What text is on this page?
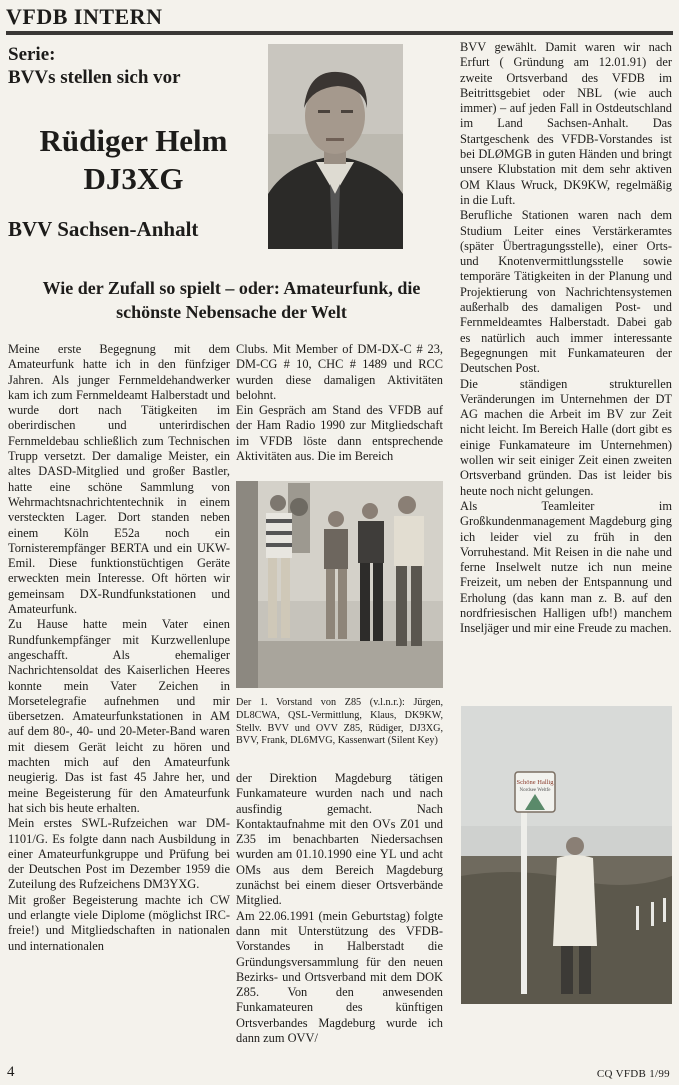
VFDB INTERN
Serie:
BVVs stellen sich vor
Rüdiger Helm
DJ3XG
BVV Sachsen-Anhalt
Wie der Zufall so spielt – oder: Amateurfunk, die schönste Nebensache der Welt

Meine erste Begegnung mit dem Amateurfunk hatte ich in den fünfziger Jahren. Als junger Fernmeldehandwerker kam ich zum Fernmeldeamt Halberstadt und wurde dort nach Tätigkeiten im oberirdischen und unterirdischen Fernmeldebau schließlich zum Technischen Trupp versetzt. Der damalige Meister, ein altes DASD-Mitglied und großer Bastler, hatte eine schöne Sammlung von Wehrmachtsnachrichtentechnik in einem versteckten Lager. Dort standen neben einem Köln E52a noch ein Tornisterempfänger BERTA und ein UKW-Emil. Diese funktionstüchtigen Geräte erweckten mein Interesse. Oft hörten wir gemeinsam DX-Rundfunkstationen und Amateurfunk.

Zu Hause hatte mein Vater einen Rundfunkempfänger mit Kurzwellenlupe angeschafft. Als ehemaliger Nachrichtensoldat des Kaiserlichen Heeres konnte mein Vater Zeichen in Morsetelegrafie aufnehmen und mir übersetzen. Amateurfunkstationen in AM auf dem 80-, 40- und 20-Meter-Band waren mit diesem Gerät leicht zu hören und machten mich auf den Amateurfunk neugierig. Das ist fast 45 Jahre her, und meine Begeisterung für den Amateurfunk hat sich bis heute erhalten.

Mein erstes SWL-Rufzeichen war DM-1101/G. Es folgte dann nach Ausbildung in einer Amateurfunkgruppe und Prüfung bei der Deutschen Post im Dezember 1959 die Zuteilung des Rufzeichens DM3YXG.

Mit großer Begeisterung machte ich CW und erlangte viele Diplome (möglichst IRC-freie!) und Mitgliedschaften in nationalen und internationalen

Clubs. Mit Member of DM-DX-C # 23, DM-CG # 10, CHC # 1489 und RCC wurden diese damaligen Aktivitäten belohnt.

Ein Gespräch am Stand des VFDB auf der Ham Radio 1990 zur Mitgliedschaft im VFDB löste dann entsprechende Aktivitäten aus. Die im Bereich

Der 1. Vorstand von Z85 (v.l.n.r.): Jürgen, DL8CWA, QSL-Vermittlung, Klaus, DK9KW, Stellv. BVV und OVV Z85, Rüdiger, DJ3XG, BVV, Frank, DL6MVG, Kassenwart (Silent Key)

der Direktion Magdeburg tätigen Funkamateure wurden nach und nach ausfindig gemacht. Nach Kontaktaufnahme mit den OVs Z01 und Z35 im benachbarten Niedersachsen wurden am 01.10.1990 eine YL und acht OMs aus dem Bereich Magdeburg zunächst bei einem dieser Ortsverbände Mitglied.

Am 22.06.1991 (mein Geburtstag) folgte dann mit Unterstützung des VFDB-Vorstandes in Halberstadt die Gründungsversammlung für den neuen Bezirks- und Ortsverband mit dem DOK Z85. Von den anwesenden Funkamateuren des künftigen Ortsverbandes Magdeburg wurde ich dann zum OVV/

BVV gewählt. Damit waren wir nach Erfurt ( Gründung am 12.01.91) der zweite Ortsverband des VFDB im Beitrittsgebiet oder NBL (wie auch immer) – auf jeden Fall in Ostdeutschland im Land Sachsen-Anhalt. Das Startgeschenk des VFDB-Vorstandes ist bei DLØMGB in guten Händen und bringt unsere Klubstation mit dem sehr aktiven OM Klaus Wruck, DK9KW, regelmäßig in die Luft.

Berufliche Stationen waren nach dem Studium Leiter eines Verstärkeramtes (später Übertragungsstelle), einer Orts- und Knotenvermittlungsstelle sowie temporäre Tätigkeiten in der Planung und Projektierung von Nachrichtensystemen außerhalb des damaligen Post- und Fernmeldeamtes Halberstadt. Dabei gab es natürlich auch immer interessante Begegnungen mit Funkamateuren der Deutschen Post.

Die ständigen strukturellen Veränderungen im Unternehmen der DT AG machen die Arbeit im BV zur Zeit nicht leicht. Im Bereich Halle (dort gibt es einige Funkamateure im Unternehmen) wollen wir seit einiger Zeit einen zweiten Ortsverband gründen. Das ist leider bis heute noch nicht gelungen.

Als Teamleiter im Großkundenmanagement Magdeburg ging ich leider viel zu früh in den Vorruhestand. Mit Reisen in die nahe und ferne Inselwelt nutze ich nun meine Freizeit, um neben der Entspannung und Erholung (das kann man z. B. auf den nordfriesischen Halligen ufb!) manchem Inseljäger und mir eine Freude zu machen.

Schöne Hallig
Nordsee Weltfe
4	CQ VFDB 1/99
